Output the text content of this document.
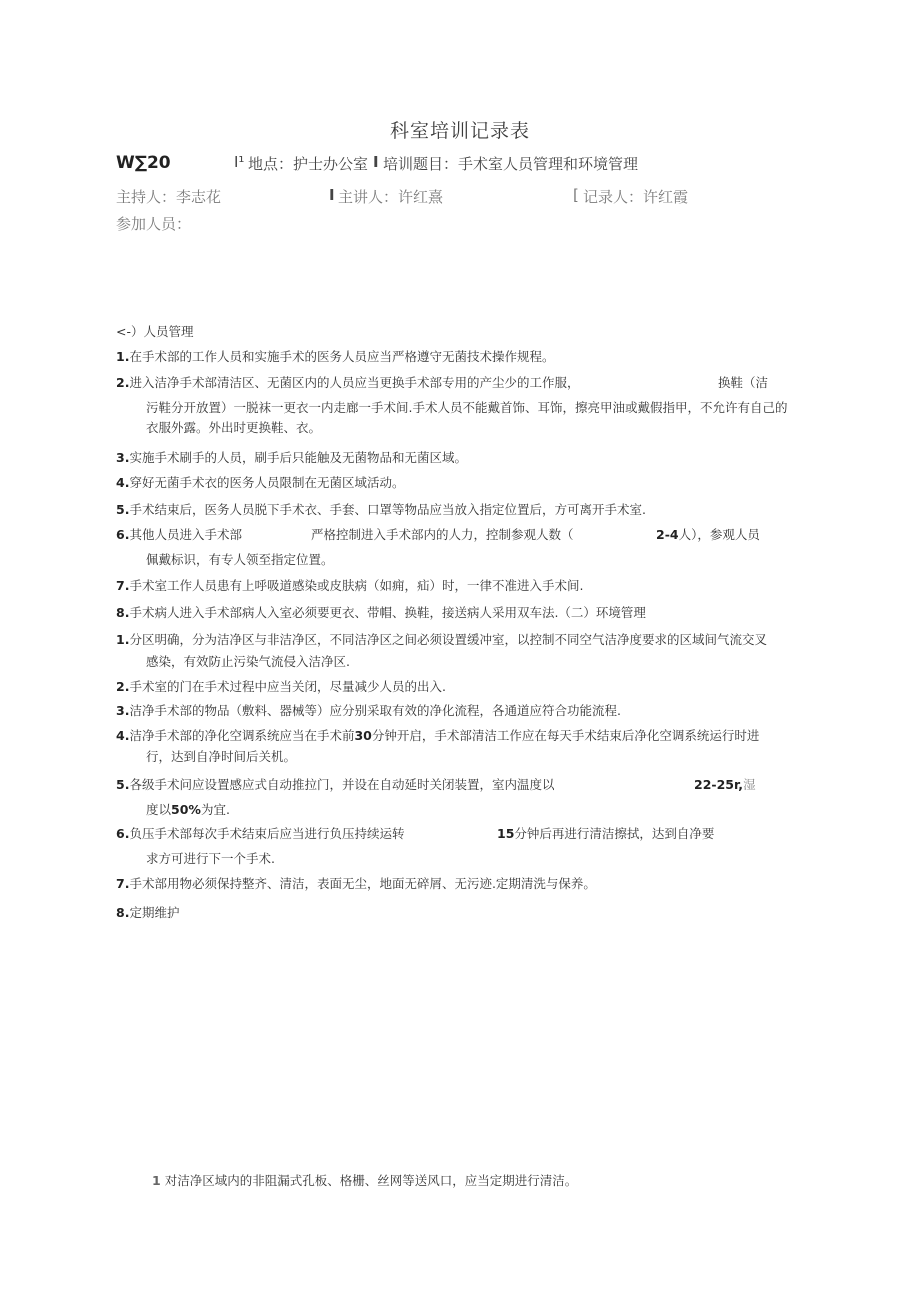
科室培训记录表
W∑20	I¹ 地点：护士办公室 I 培训题目：手术室人员管理和环境管理
主持人：李志花	I 主讲人：许红熹	[ 记录人：许红霞
参加人员：
<-）人员管理
1.在手术部的工作人员和实施手术的医务人员应当严格遵守无菌技术操作规程。
2.进入洁净手术部清洁区、无菌区内的人员应当更换手术部专用的产尘少的工作服，	换鞋（洁
污鞋分开放置）一脱袜一更衣一内走廊一手术间.手术人员不能戴首饰、耳饰，擦亮甲油或戴假指甲，不允许有自己的衣服外露。外出时更换鞋、衣。
3.实施手术刷手的人员，刷手后只能触及无菌物品和无菌区域。
4.穿好无菌手术衣的医务人员限制在无菌区域活动。
5.手术结束后，医务人员脱下手术衣、手套、口罩等物品应当放入指定位置后，方可离开手术室.
6.其他人员进入手术部	严格控制进入手术部内的人力，控制参观人数（	2-4人），参观人员
佩戴标识，有专人领至指定位置。
7.手术室工作人员患有上呼吸道感染或皮肤病（如痈，疝）时，一律不准进入手术间.
8.手术病人进入手术部病人入室必须要更衣、带帽、换鞋，接送病人采用双车法.（二）环境管理
1.分区明确，分为洁净区与非洁净区，不同洁净区之间必须设置缓冲室，以控制不同空气洁净度要求的区域间气流交叉
感染，有效防止污染气流侵入洁净区.
2.手术室的门在手术过程中应当关闭，尽量减少人员的出入.
3.洁净手术部的物品（敷料、器械等）应分别采取有效的净化流程，各通道应符合功能流程.
4.洁净手术部的净化空调系统应当在手术前30分钟开启，手术部清洁工作应在每天手术结束后净化空调系统运行时进
行，达到自净时间后关机。
5.各级手术问应设置感应式自动推拉门，并设在自动延时关闭装置，室内温度以	22-25r,湿
度以50%为宜.
6.负压手术部每次手术结束后应当进行负压持续运转	15分钟后再进行清洁擦拭，达到自净要
求方可进行下一个手术.
7.手术部用物必须保持整齐、清洁，表面无尘，地面无碎屑、无污迹.定期清洗与保养。
8.定期维护
1 对洁净区域内的非阻漏式孔板、格栅、丝网等送风口，应当定期进行清洁。
